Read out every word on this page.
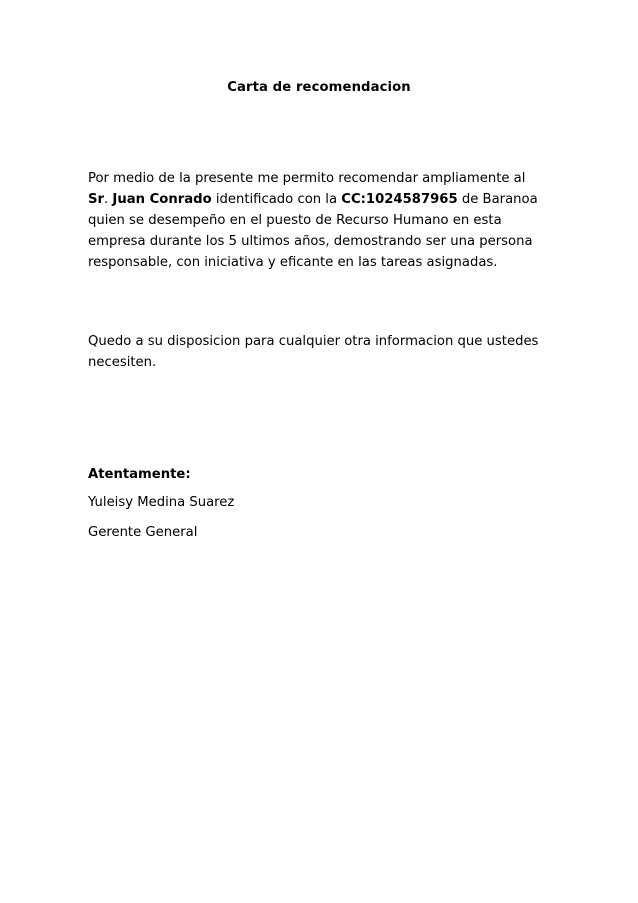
Carta de recomendacion

Por medio de la presente me permito recomendar ampliamente al
Sr. Juan Conrado identificado con la CC:1024587965 de Baranoa
quien se desempeño en el puesto de Recurso Humano en esta
empresa durante los 5 ultimos años, demostrando ser una persona
responsable, con iniciativa y eficante en las tareas asignadas.

Quedo a su disposicion para cualquier otra informacion que ustedes
necesiten.

Atentamente:

Yuleisy Medina Suarez

Gerente General
